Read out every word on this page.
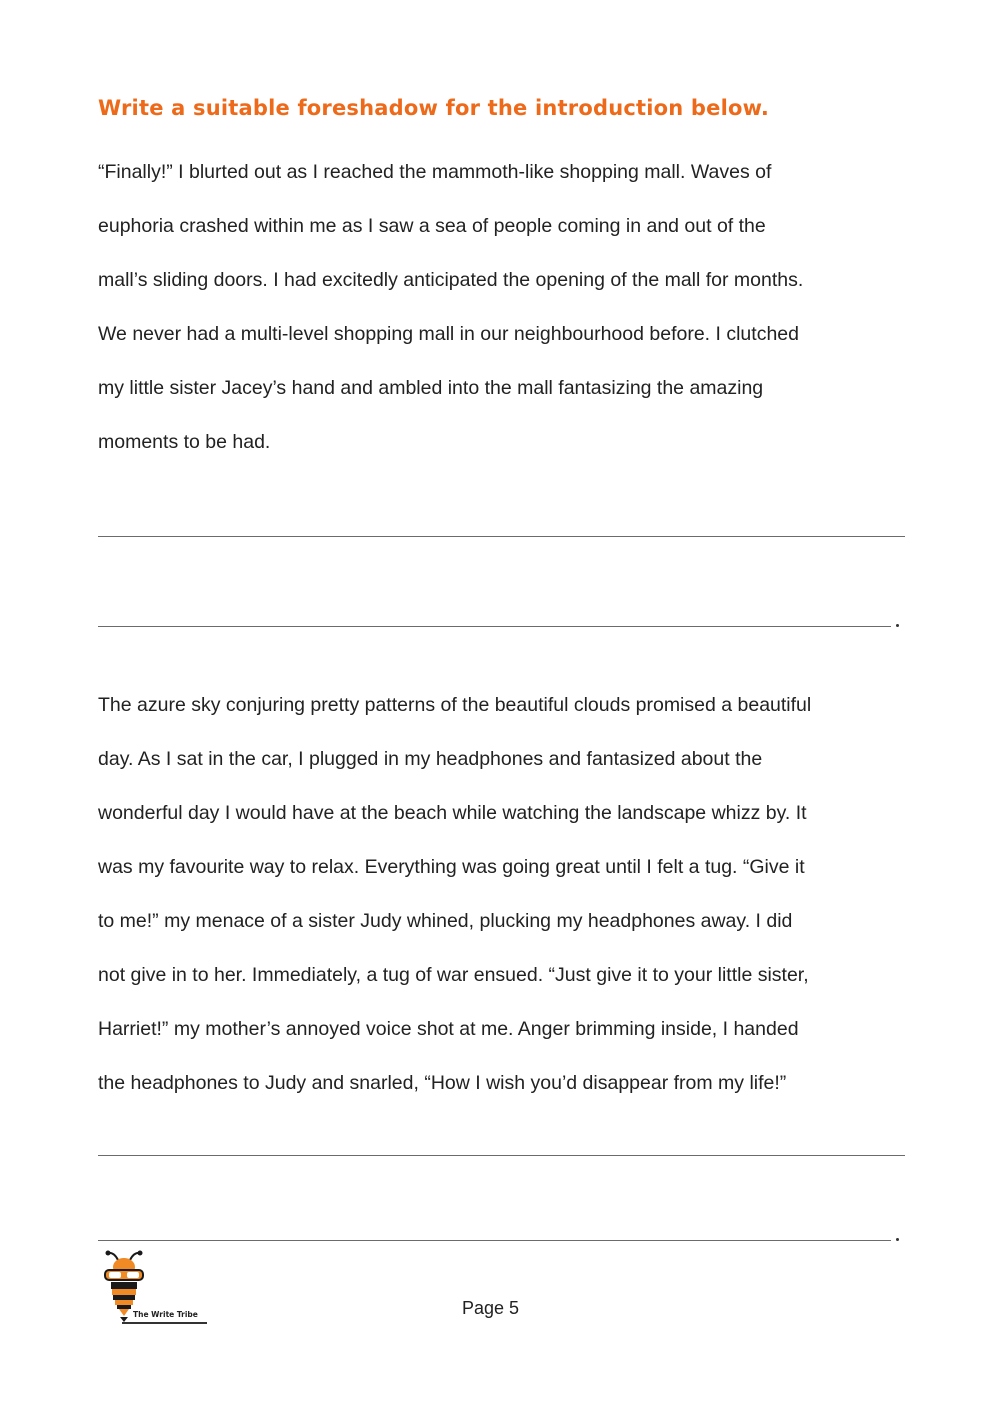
Write a suitable foreshadow for the introduction below.
“Finally!” I blurted out as I reached the mammoth-like shopping mall. Waves of
euphoria crashed within me as I saw a sea of people coming in and out of the
mall’s sliding doors. I had excitedly anticipated the opening of the mall for months.
We never had a multi-level shopping mall in our neighbourhood before. I clutched
my little sister Jacey’s hand and ambled into the mall fantasizing the amazing
moments to be had.
The azure sky conjuring pretty patterns of the beautiful clouds promised a beautiful
day. As I sat in the car, I plugged in my headphones and fantasized about the
wonderful day I would have at the beach while watching the landscape whizz by. It
was my favourite way to relax. Everything was going great until I felt a tug. “Give it
to me!” my menace of a sister Judy whined, plucking my headphones away. I did
not give in to her. Immediately, a tug of war ensued. “Just give it to your little sister,
Harriet!” my mother’s annoyed voice shot at me. Anger brimming inside, I handed
the headphones to Judy and snarled, “How I wish you’d disappear from my life!”
The Write Tribe	Page 5
